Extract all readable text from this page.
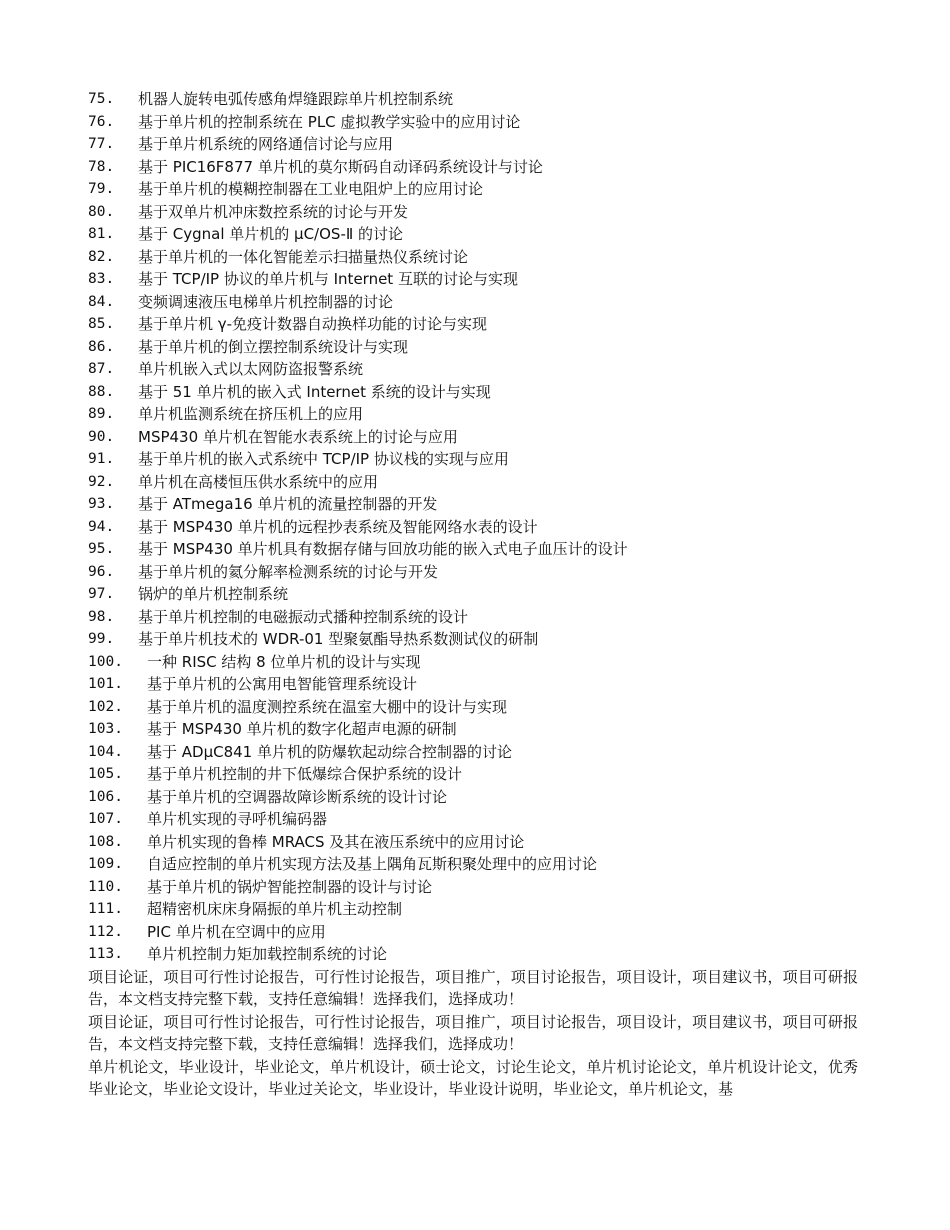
75.	机器人旋转电弧传感角焊缝跟踪单片机控制系统
76.	基于单片机的控制系统在 PLC 虚拟教学实验中的应用讨论
77.	基于单片机系统的网络通信讨论与应用
78.	基于 PIC16F877 单片机的莫尔斯码自动译码系统设计与讨论
79.	基于单片机的模糊控制器在工业电阻炉上的应用讨论
80.	基于双单片机冲床数控系统的讨论与开发
81.	基于 Cygnal 单片机的 μC/OS-Ⅱ 的讨论
82.	基于单片机的一体化智能差示扫描量热仪系统讨论
83.	基于 TCP/IP 协议的单片机与 Internet 互联的讨论与实现
84.	变频调速液压电梯单片机控制器的讨论
85.	基于单片机 γ-免疫计数器自动换样功能的讨论与实现
86.	基于单片机的倒立摆控制系统设计与实现
87.	单片机嵌入式以太网防盗报警系统
88.	基于 51 单片机的嵌入式 Internet 系统的设计与实现
89.	单片机监测系统在挤压机上的应用
90.	MSP430 单片机在智能水表系统上的讨论与应用
91.	基于单片机的嵌入式系统中 TCP/IP 协议栈的实现与应用
92.	单片机在高楼恒压供水系统中的应用
93.	基于 ATmega16 单片机的流量控制器的开发
94.	基于 MSP430 单片机的远程抄表系统及智能网络水表的设计
95.	基于 MSP430 单片机具有数据存储与回放功能的嵌入式电子血压计的设计
96.	基于单片机的氦分解率检测系统的讨论与开发
97.	锅炉的单片机控制系统
98.	基于单片机控制的电磁振动式播种控制系统的设计
99.	基于单片机技术的 WDR-01 型聚氨酯导热系数测试仪的研制
100.	一种 RISC 结构 8 位单片机的设计与实现
101.	基于单片机的公寓用电智能管理系统设计
102.	基于单片机的温度测控系统在温室大棚中的设计与实现
103.	基于 MSP430 单片机的数字化超声电源的研制
104.	基于 ADμC841 单片机的防爆软起动综合控制器的讨论
105.	基于单片机控制的井下低爆综合保护系统的设计
106.	基于单片机的空调器故障诊断系统的设计讨论
107.	单片机实现的寻呼机编码器
108.	单片机实现的鲁棒 MRACS 及其在液压系统中的应用讨论
109.	自适应控制的单片机实现方法及基上隅角瓦斯积聚处理中的应用讨论
110.	基于单片机的锅炉智能控制器的设计与讨论
111.	超精密机床床身隔振的单片机主动控制
112.	PIC 单片机在空调中的应用
113.	单片机控制力矩加载控制系统的讨论

项目论证，项目可行性讨论报告，可行性讨论报告，项目推广，项目讨论报告，项目设计，项目建议书，项目可研报告，本文档支持完整下载，支持任意编辑！选择我们，选择成功！

项目论证，项目可行性讨论报告，可行性讨论报告，项目推广，项目讨论报告，项目设计，项目建议书，项目可研报告，本文档支持完整下载，支持任意编辑！选择我们，选择成功！

单片机论文，毕业设计，毕业论文，单片机设计，硕士论文，讨论生论文，单片机讨论论文，单片机设计论文，优秀毕业论文，毕业论文设计，毕业过关论文，毕业设计，毕业设计说明，毕业论文，单片机论文，基
